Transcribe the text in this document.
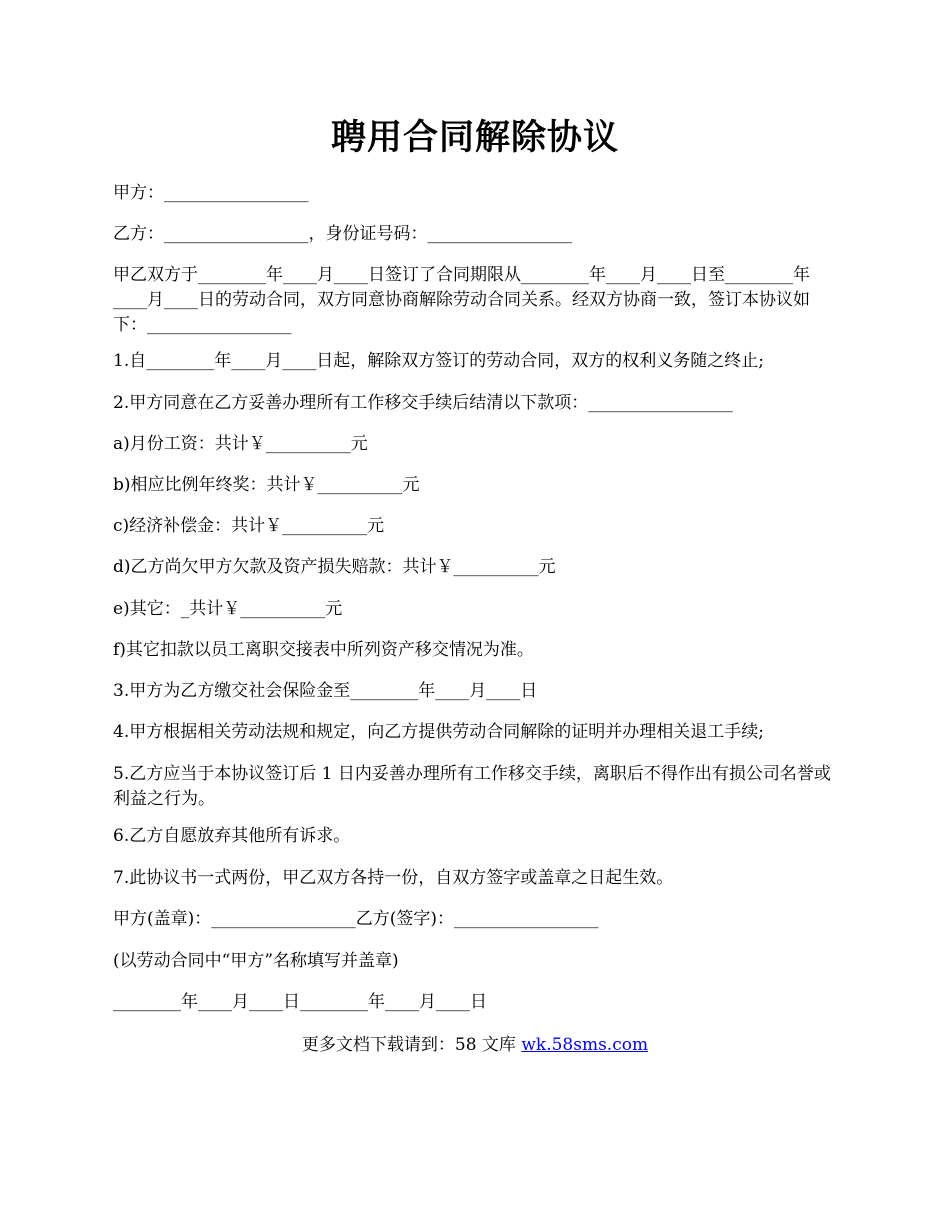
聘用合同解除协议
甲方：_________________
乙方：_________________，身份证号码：_________________
甲乙双方于________年____月____日签订了合同期限从________年____月____日至________年____月____日的劳动合同，双方同意协商解除劳动合同关系。经双方协商一致，签订本协议如下：_________________
1.自________年____月____日起，解除双方签订的劳动合同，双方的权利义务随之终止;
2.甲方同意在乙方妥善办理所有工作移交手续后结清以下款项：_________________
a)月份工资：共计￥__________元
b)相应比例年终奖：共计￥__________元
c)经济补偿金：共计￥__________元
d)乙方尚欠甲方欠款及资产损失赔款：共计￥__________元
e)其它：_共计￥__________元
f)其它扣款以员工离职交接表中所列资产移交情况为准。
3.甲方为乙方缴交社会保险金至________年____月____日
4.甲方根据相关劳动法规和规定，向乙方提供劳动合同解除的证明并办理相关退工手续;
5.乙方应当于本协议签订后 1 日内妥善办理所有工作移交手续，离职后不得作出有损公司名誉或利益之行为。
6.乙方自愿放弃其他所有诉求。
7.此协议书一式两份，甲乙双方各持一份，自双方签字或盖章之日起生效。
甲方(盖章)：_________________乙方(签字)：_________________
(以劳动合同中“甲方”名称填写并盖章)
________年____月____日________年____月____日
更多文档下载请到：58 文库 wk.58sms.com
